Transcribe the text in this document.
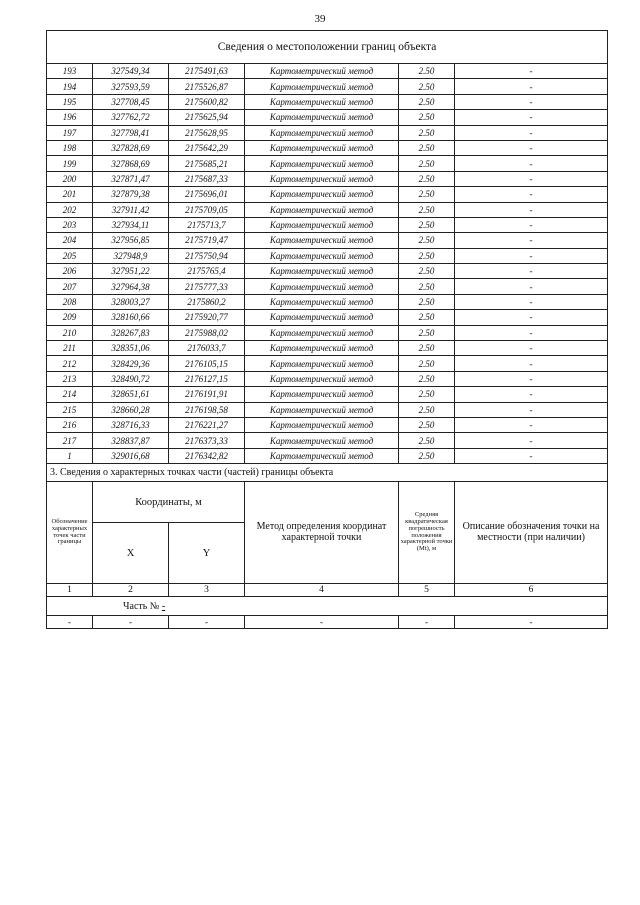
39
Сведения о местоположении границ объекта					
193	327549,34	2175491,63	Картометрический метод	2.50	-
194	327593,59	2175526,87	Картометрический метод	2.50	-
195	327708,45	2175600,82	Картометрический метод	2.50	-
196	327762,72	2175625,94	Картометрический метод	2.50	-
197	327798,41	2175628,95	Картометрический метод	2.50	-
198	327828,69	2175642,29	Картометрический метод	2.50	-
199	327868,69	2175685,21	Картометрический метод	2.50	-
200	327871,47	2175687,33	Картометрический метод	2.50	-
201	327879,38	2175696,01	Картометрический метод	2.50	-
202	327911,42	2175709,05	Картометрический метод	2.50	-
203	327934,11	2175713,7	Картометрический метод	2.50	-
204	327956,85	2175719,47	Картометрический метод	2.50	-
205	327948,9	2175750,94	Картометрический метод	2.50	-
206	327951,22	2175765,4	Картометрический метод	2.50	-
207	327964,38	2175777,33	Картометрический метод	2.50	-
208	328003,27	2175860,2	Картометрический метод	2.50	-
209	328160,66	2175920,77	Картометрический метод	2.50	-
210	328267,83	2175988,02	Картометрический метод	2.50	-
211	328351,06	2176033,7	Картометрический метод	2.50	-
212	328429,36	2176105,15	Картометрический метод	2.50	-
213	328490,72	2176127,15	Картометрический метод	2.50	-
214	328651,61	2176191,91	Картометрический метод	2.50	-
215	328660,28	2176198,58	Картометрический метод	2.50	-
216	328716,33	2176221,27	Картометрический метод	2.50	-
217	328837,87	2176373,33	Картометрический метод	2.50	-
1	329016,68	2176342,82	Картометрический метод	2.50	-
3. Сведения о характерных точках части (частей) границы объекта					
Обозначение характерных точек части границы	Координаты, м		Метод определения координат характерной точки	Средняя квадратическая погрешность положения характерной точки (Mt), м	Описание обозначения точки на местности (при наличии)
	X	Y			
1	2	3	4	5	6
Часть № -					
-	-	-	-	-	-
